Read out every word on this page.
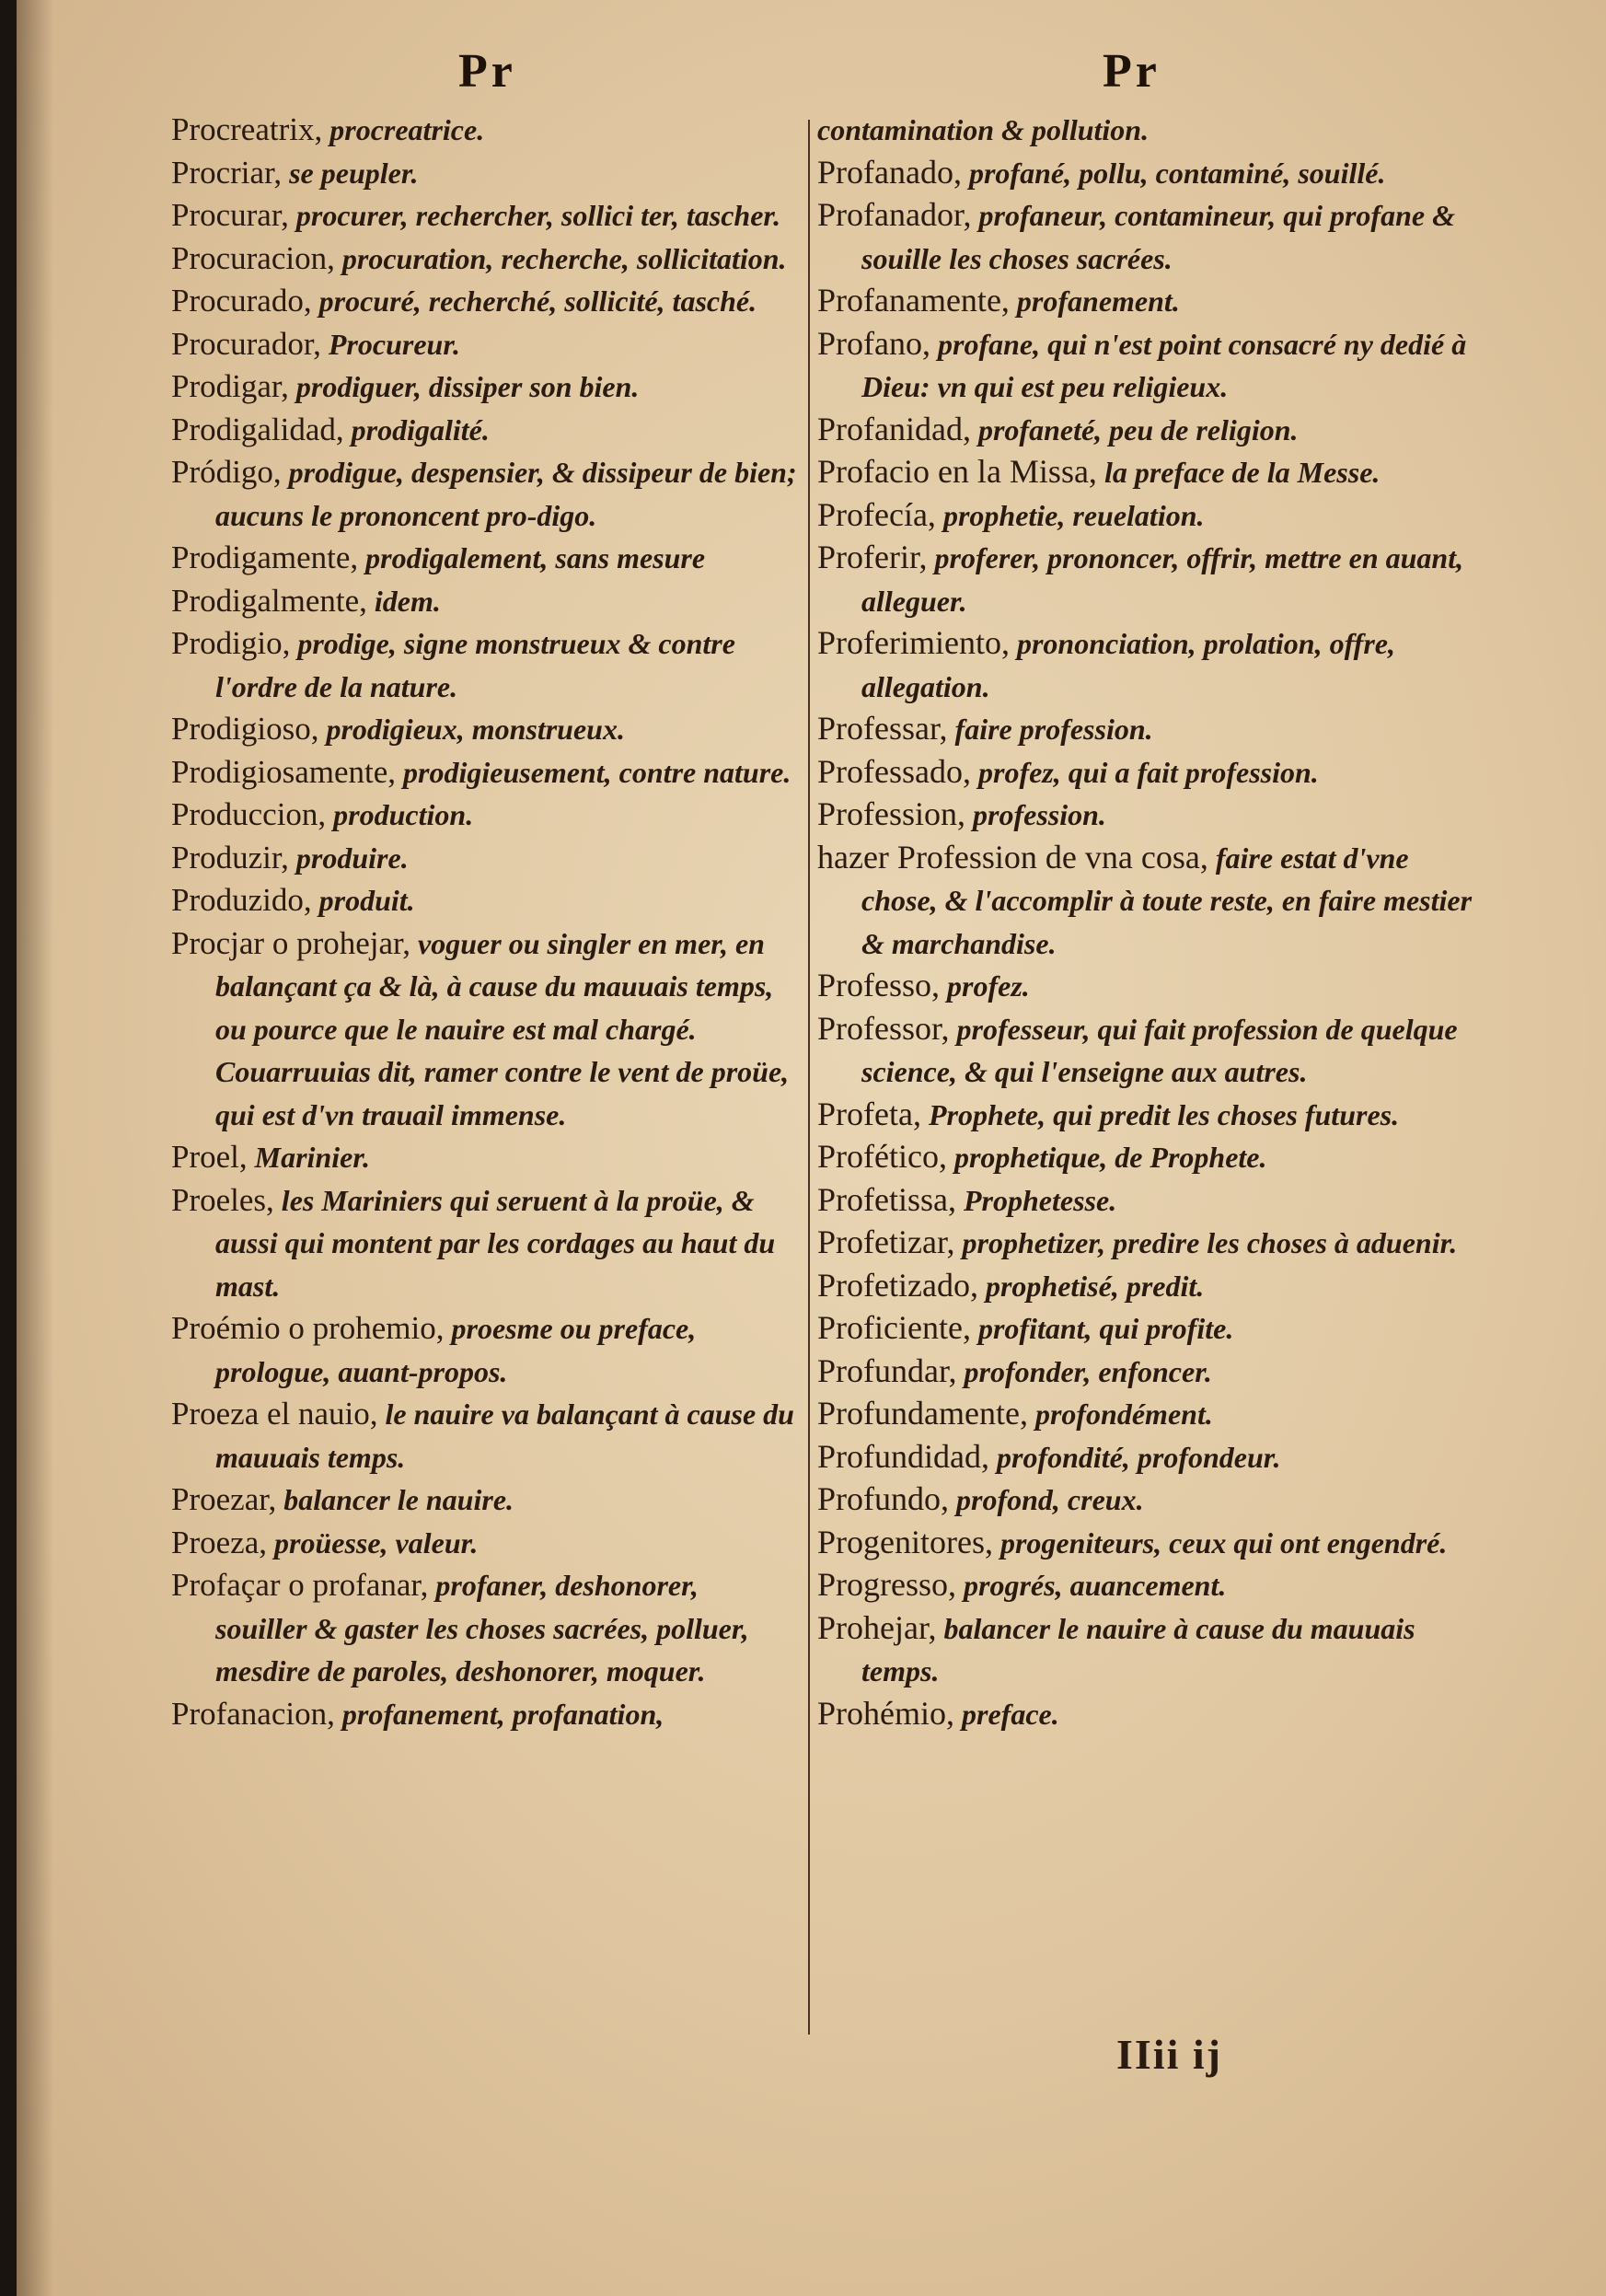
Pr	Pr

Procreatrix, procreatrice.

Procriar, se peupler.

Procurar, procurer, rechercher, sollici ter, tascher.

Procuracion, procuration, recherche, sollicitation.

Procurado, procuré, recherché, sollicité, tasché.

Procurador, Procureur.

Prodigar, prodiguer, dissiper son bien.

Prodigalidad, prodigalité.

Pródigo, prodigue, despensier, & dissipeur de bien; aucuns le prononcent pro-digo.

Prodigamente, prodigalement, sans mesure

Prodigalmente, idem.

Prodigio, prodige, signe monstrueux & contre l'ordre de la nature.

Prodigioso, prodigieux, monstrueux.

Prodigiosamente, prodigieusement, contre nature.

Produccion, production.

Produzir, produire.

Produzido, produit.

Procjar o prohejar, voguer ou singler en mer, en balançant ça & là, à cause du mauuais temps, ou pource que le nauire est mal chargé. Couarruuias dit, ramer contre le vent de proüe, qui est d'vn trauail immense.

Proel, Marinier.

Proeles, les Mariniers qui seruent à la proüe, & aussi qui montent par les cordages au haut du mast.

Proémio o prohemio, proesme ou preface, prologue, auant-propos.

Proeza el nauio, le nauire va balançant à cause du mauuais temps.

Proezar, balancer le nauire.

Proeza, proüesse, valeur.

Profaçar o profanar, profaner, deshonorer, souiller & gaster les choses sacrées, polluer, mesdire de paroles, deshonorer, moquer.

Profanacion, profanement, profanation,

contamination & pollution.

Profanado, profané, pollu, contaminé, souillé.

Profanador, profaneur, contamineur, qui profane & souille les choses sacrées.

Profanamente, profanement.

Profano, profane, qui n'est point consacré ny dedié à Dieu: vn qui est peu religieux.

Profanidad, profaneté, peu de religion.

Profacio en la Missa, la preface de la Messe.

Profecía, prophetie, reuelation.

Proferir, proferer, prononcer, offrir, mettre en auant, alleguer.

Proferimiento, prononciation, prolation, offre, allegation.

Professar, faire profession.

Professado, profez, qui a fait profession.

Profession, profession.

hazer Profession de vna cosa, faire estat d'vne chose, & l'accomplir à toute reste, en faire mestier & marchandise.

Professo, profez.

Professor, professeur, qui fait profession de quelque science, & qui l'enseigne aux autres.

Profeta, Prophete, qui predit les choses futures.

Profético, prophetique, de Prophete.

Profetissa, Prophetesse.

Profetizar, prophetizer, predire les choses à aduenir.

Profetizado, prophetisé, predit.

Proficiente, profitant, qui profite.

Profundar, profonder, enfoncer.

Profundamente, profondément.

Profundidad, profondité, profondeur.

Profundo, profond, creux.

Progenitores, progeniteurs, ceux qui ont engendré.

Progresso, progrés, auancement.

Prohejar, balancer le nauire à cause du mauuais temps.

Prohémio, preface.

IIii ij
